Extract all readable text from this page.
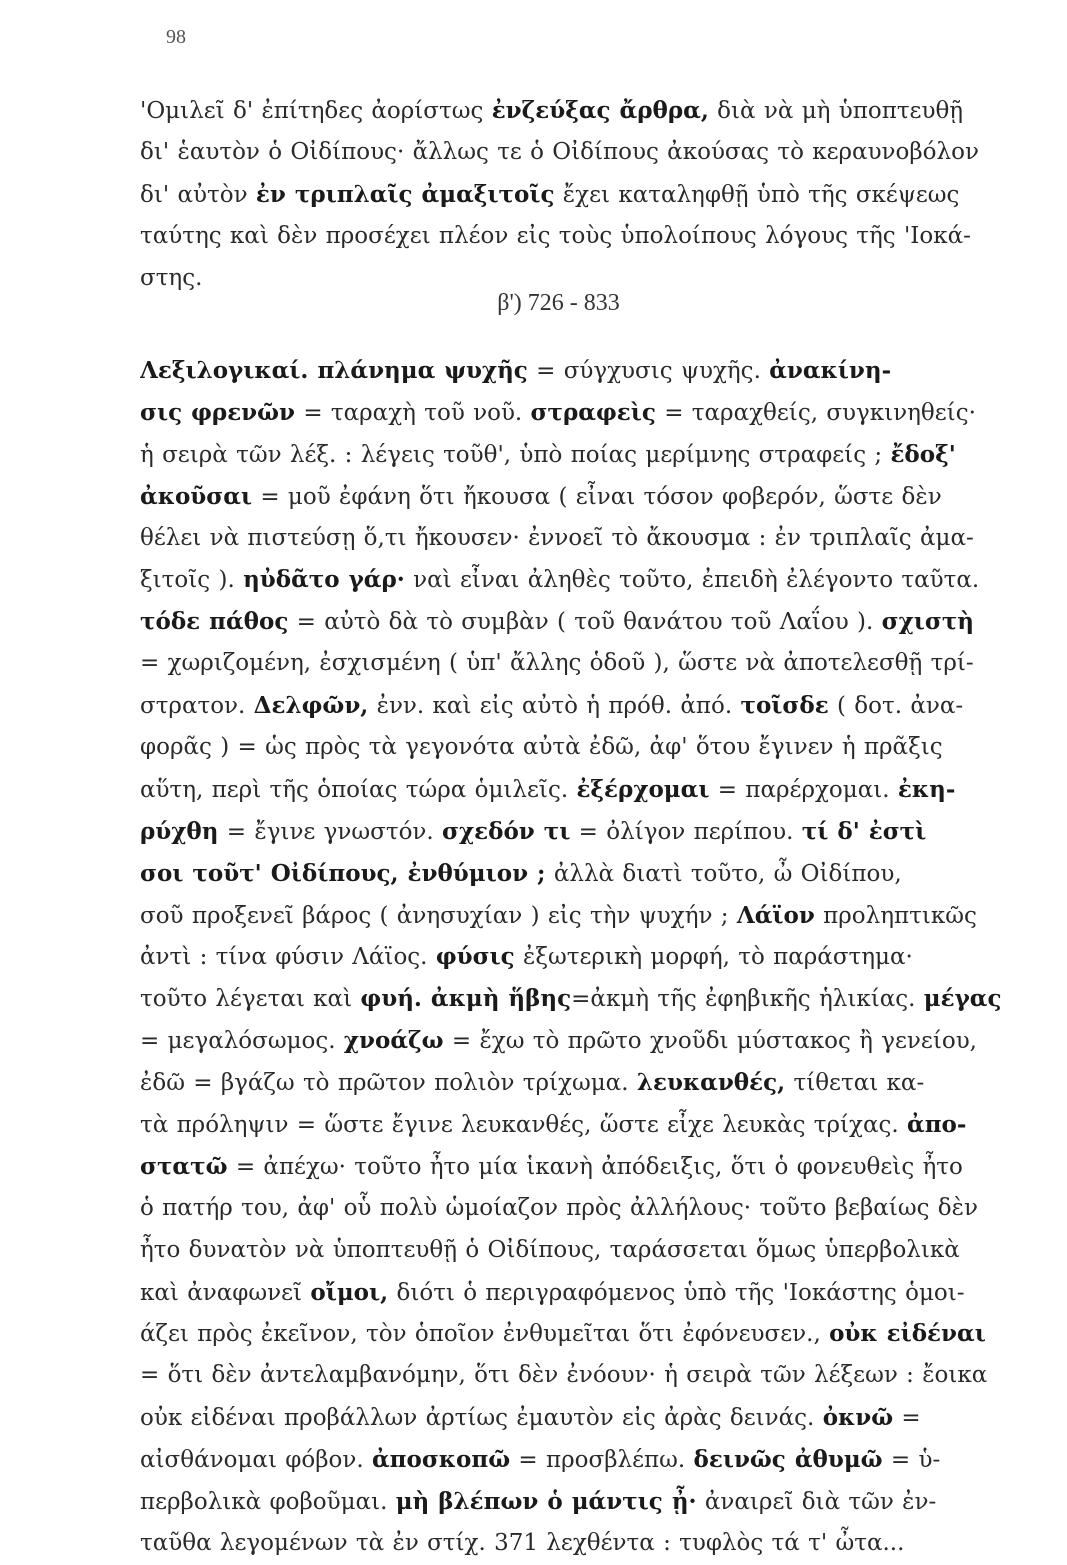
98
'Ομιλεῖ δ' ἐπίτηδες ἀορίστως ἐνζεύξας ἄρθρα, διὰ νὰ μὴ ὑποπτευθῇ
δι' ἑαυτὸν ὁ Οἰδίπους· ἄλλως τε ὁ Οἰδίπους ἀκούσας τὸ κεραυνοβόλον
δι' αὐτὸν ἐν τριπλαῖς ἀμαξιτοῖς ἔχει καταληφθῇ ὑπὸ τῆς σκέψεως
ταύτης καὶ δὲν προσέχει πλέον εἰς τοὺς ὑπολοίπους λόγους τῆς 'Ιοκά-
στης.
β') 726 - 833
Λεξιλογικαί. πλάνημα ψυχῆς = σύγχυσις ψυχῆς. ἀνακίνη-
σις φρενῶν = ταραχὴ τοῦ νοῦ. στραφεὶς = ταραχθείς, συγκινηθείς·
ἡ σειρὰ τῶν λέξ. : λέγεις τοῦθ', ὑπὸ ποίας μερίμνης στραφείς ; ἔδοξ'
ἀκοῦσαι = μοῦ ἐφάνη ὅτι ἤκουσα ( εἶναι τόσον φοβερόν, ὥστε δὲν
θέλει νὰ πιστεύσῃ ὅ,τι ἤκουσεν· ἐννοεῖ τὸ ἄκουσμα : ἐν τριπλαῖς ἀμα-
ξιτοῖς ). ηὐδᾶτο γάρ· ναὶ εἶναι ἀληθὲς τοῦτο, ἐπειδὴ ἐλέγοντο ταῦτα.
τόδε πάθος = αὐτὸ δὰ τὸ συμβὰν ( τοῦ θανάτου τοῦ Λαΐου ). σχιστὴ
= χωριζομένη, ἐσχισμένη ( ὑπ' ἄλλης ὁδοῦ ), ὥστε νὰ ἀποτελεσθῇ τρί-
στρατον. Δελφῶν, ἐνν. καὶ εἰς αὐτὸ ἡ πρόθ. ἀπό. τοῖσδε ( δοτ. ἀνα-
φορᾶς ) = ὡς πρὸς τὰ γεγονότα αὐτὰ ἐδῶ, ἀφ' ὅτου ἔγινεν ἡ πρᾶξις
αὕτη, περὶ τῆς ὁποίας τώρα ὁμιλεῖς. ἐξέρχομαι = παρέρχομαι. ἐκη-
ρύχθη = ἔγινε γνωστόν. σχεδόν τι = ὀλίγον περίπου. τί δ' ἐστὶ
σοι τοῦτ' Οἰδίπους, ἐνθύμιον ; ἀλλὰ διατὶ τοῦτο, ὦ Οἰδίπου,
σοῦ προξενεῖ βάρος ( ἀνησυχίαν ) εἰς τὴν ψυχήν ; Λάϊον προληπτικῶς
ἀντὶ : τίνα φύσιν Λάϊος. φύσις ἐξωτερικὴ μορφή, τὸ παράστημα·
τοῦτο λέγεται καὶ φυή. ἀκμὴ ἥβης=ἀκμὴ τῆς ἐφηβικῆς ἡλικίας. μέγας
= μεγαλόσωμος. χνοάζω = ἔχω τὸ πρῶτο χνοῦδι μύστακος ἢ γενείου,
ἐδῶ = βγάζω τὸ πρῶτον πολιὸν τρίχωμα. λευκανθές, τίθεται κα-
τὰ πρόληψιν = ὥστε ἔγινε λευκανθές, ὥστε εἶχε λευκὰς τρίχας. ἀπο-
στατῶ = ἀπέχω· τοῦτο ἦτο μία ἱκανὴ ἀπόδειξις, ὅτι ὁ φονευθεὶς ἦτο
ὁ πατήρ του, ἀφ' οὗ πολὺ ὡμοίαζον πρὸς ἀλλήλους· τοῦτο βεβαίως δὲν
ἦτο δυνατὸν νὰ ὑποπτευθῇ ὁ Οἰδίπους, ταράσσεται ὅμως ὑπερβολικὰ
καὶ ἀναφωνεῖ οἴμοι, διότι ὁ περιγραφόμενος ὑπὸ τῆς 'Ιοκάστης ὁμοι-
άζει πρὸς ἐκεῖνον, τὸν ὁποῖον ἐνθυμεῖται ὅτι ἐφόνευσεν., οὐκ εἰδέναι
= ὅτι δὲν ἀντελαμβανόμην, ὅτι δὲν ἐνόουν· ἡ σειρὰ τῶν λέξεων : ἔοικα
οὐκ εἰδέναι προβάλλων ἀρτίως ἐμαυτὸν εἰς ἀρὰς δεινάς. ὀκνῶ =
αἰσθάνομαι φόβον. ἀποσκοπῶ = προσβλέπω. δεινῶς ἀθυμῶ = ὑ-
περβολικὰ φοβοῦμαι. μὴ βλέπων ὁ μάντις ᾖ· ἀναιρεῖ διὰ τῶν ἐν-
ταῦθα λεγομένων τὰ ἐν στίχ. 371 λεχθέντα : τυφλὸς τά τ' ὦτα...
